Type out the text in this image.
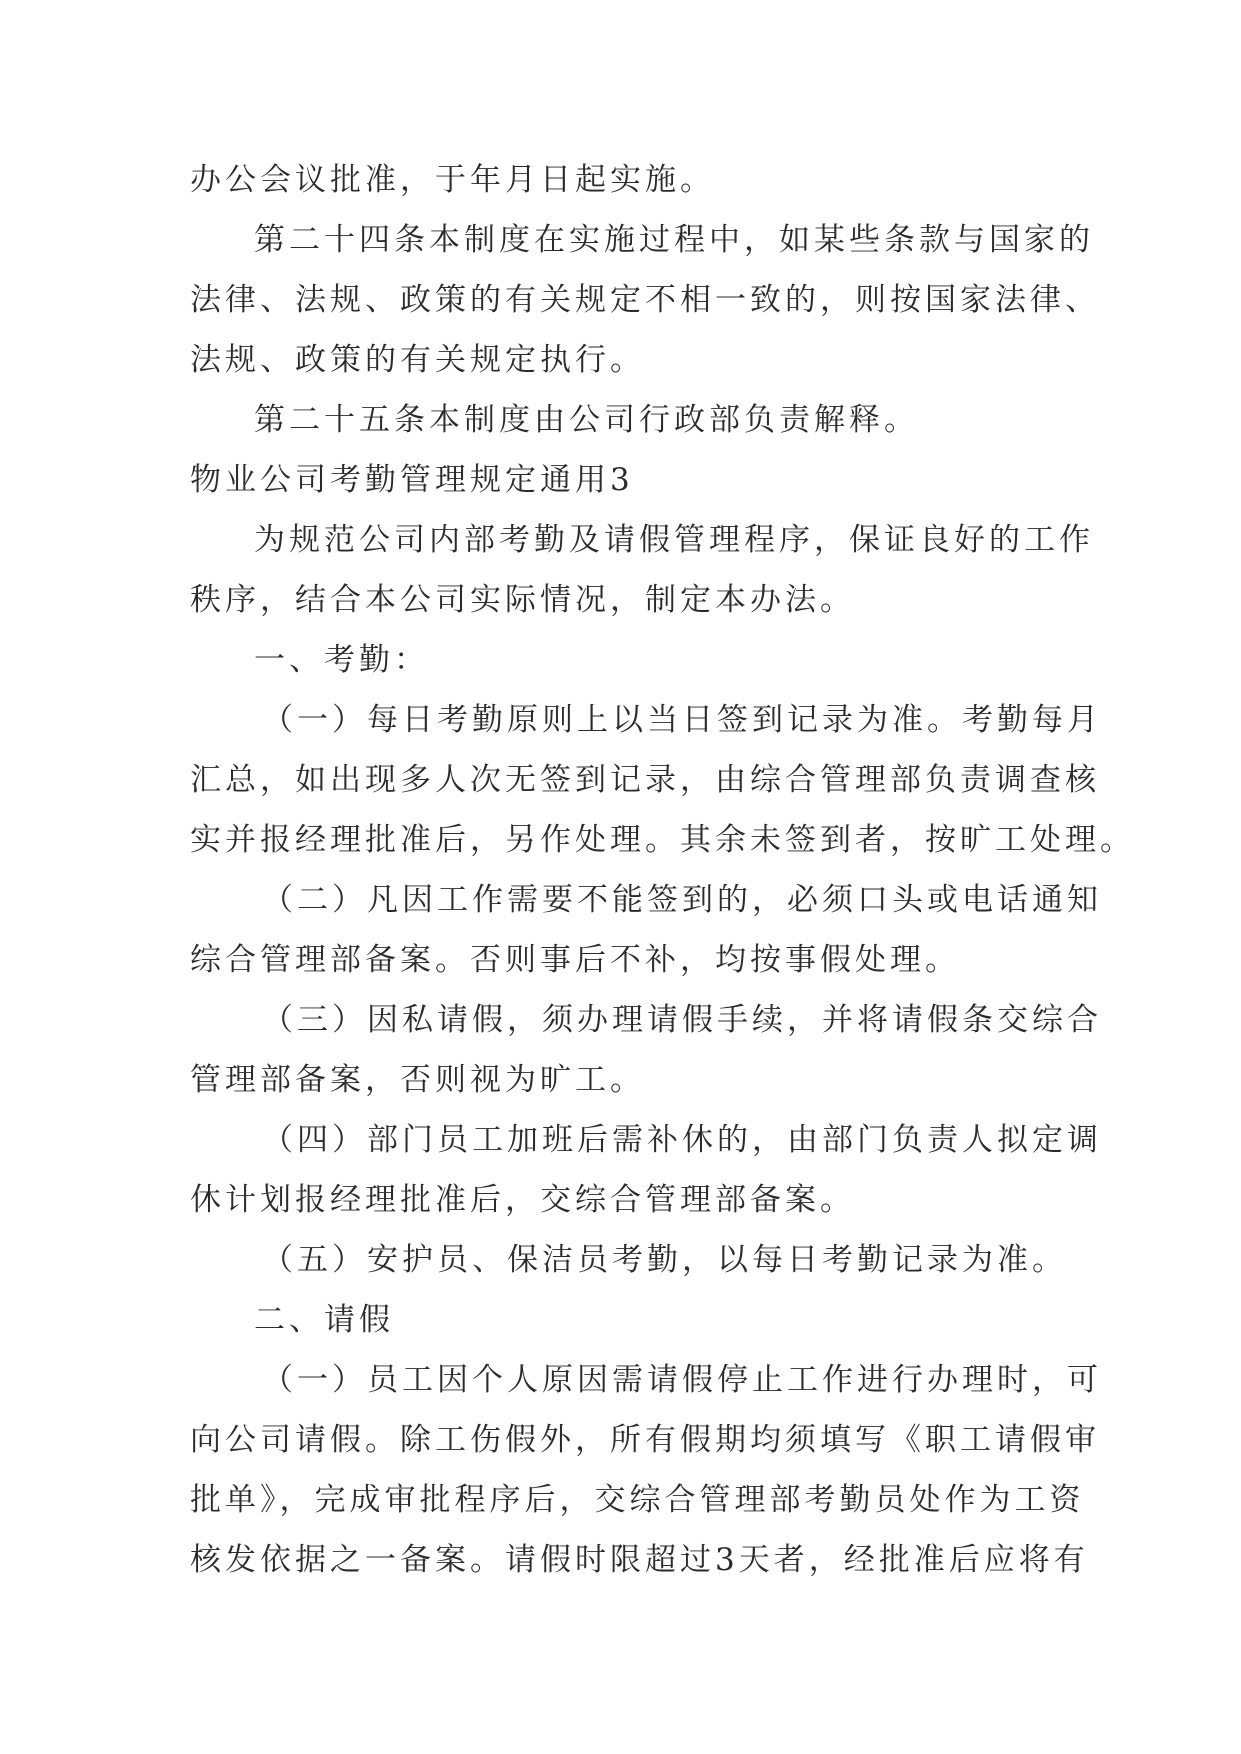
办公会议批准，于年月日起实施。
第二十四条本制度在实施过程中，如某些条款与国家的
法律、法规、政策的有关规定不相一致的，则按国家法律、
法规、政策的有关规定执行。
第二十五条本制度由公司行政部负责解释。
物业公司考勤管理规定通用3
为规范公司内部考勤及请假管理程序，保证良好的工作
秩序，结合本公司实际情况，制定本办法。
一、考勤：
（一）每日考勤原则上以当日签到记录为准。考勤每月
汇总，如出现多人次无签到记录，由综合管理部负责调查核
实并报经理批准后，另作处理。其余未签到者，按旷工处理。
（二）凡因工作需要不能签到的，必须口头或电话通知
综合管理部备案。否则事后不补，均按事假处理。
（三）因私请假，须办理请假手续，并将请假条交综合
管理部备案，否则视为旷工。
（四）部门员工加班后需补休的，由部门负责人拟定调
休计划报经理批准后，交综合管理部备案。
（五）安护员、保洁员考勤，以每日考勤记录为准。
二、请假
（一）员工因个人原因需请假停止工作进行办理时，可
向公司请假。除工伤假外，所有假期均须填写《职工请假审
批单》，完成审批程序后，交综合管理部考勤员处作为工资
核发依据之一备案。请假时限超过3天者，经批准后应将有
